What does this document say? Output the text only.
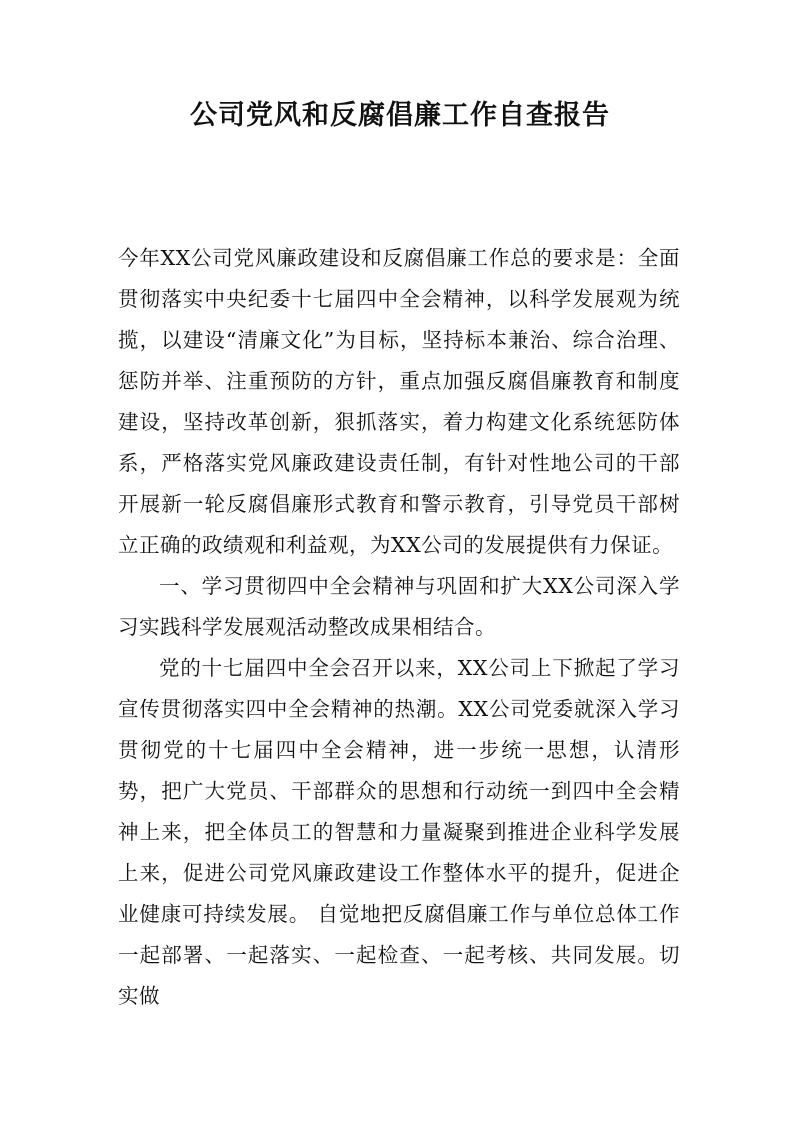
公司党风和反腐倡廉工作自查报告

今年XX公司党风廉政建设和反腐倡廉工作总的要求是：全面贯彻落实中央纪委十七届四中全会精神，以科学发展观为统揽，以建设“清廉文化”为目标，坚持标本兼治、综合治理、惩防并举、注重预防的方针，重点加强反腐倡廉教育和制度建设，坚持改革创新，狠抓落实，着力构建文化系统惩防体系，严格落实党风廉政建设责任制，有针对性地公司的干部开展新一轮反腐倡廉形式教育和警示教育，引导党员干部树立正确的政绩观和利益观，为XX公司的发展提供有力保证。

一、学习贯彻四中全会精神与巩固和扩大XX公司深入学习实践科学发展观活动整改成果相结合。

党的十七届四中全会召开以来，XX公司上下掀起了学习宣传贯彻落实四中全会精神的热潮。XX公司党委就深入学习贯彻党的十七届四中全会精神，进一步统一思想，认清形势，把广大党员、干部群众的思想和行动统一到四中全会精神上来，把全体员工的智慧和力量凝聚到推进企业科学发展上来，促进公司党风廉政建设工作整体水平的提升，促进企业健康可持续发展。 自觉地把反腐倡廉工作与单位总体工作一起部署、一起落实、一起检查、一起考核、共同发展。切实做
